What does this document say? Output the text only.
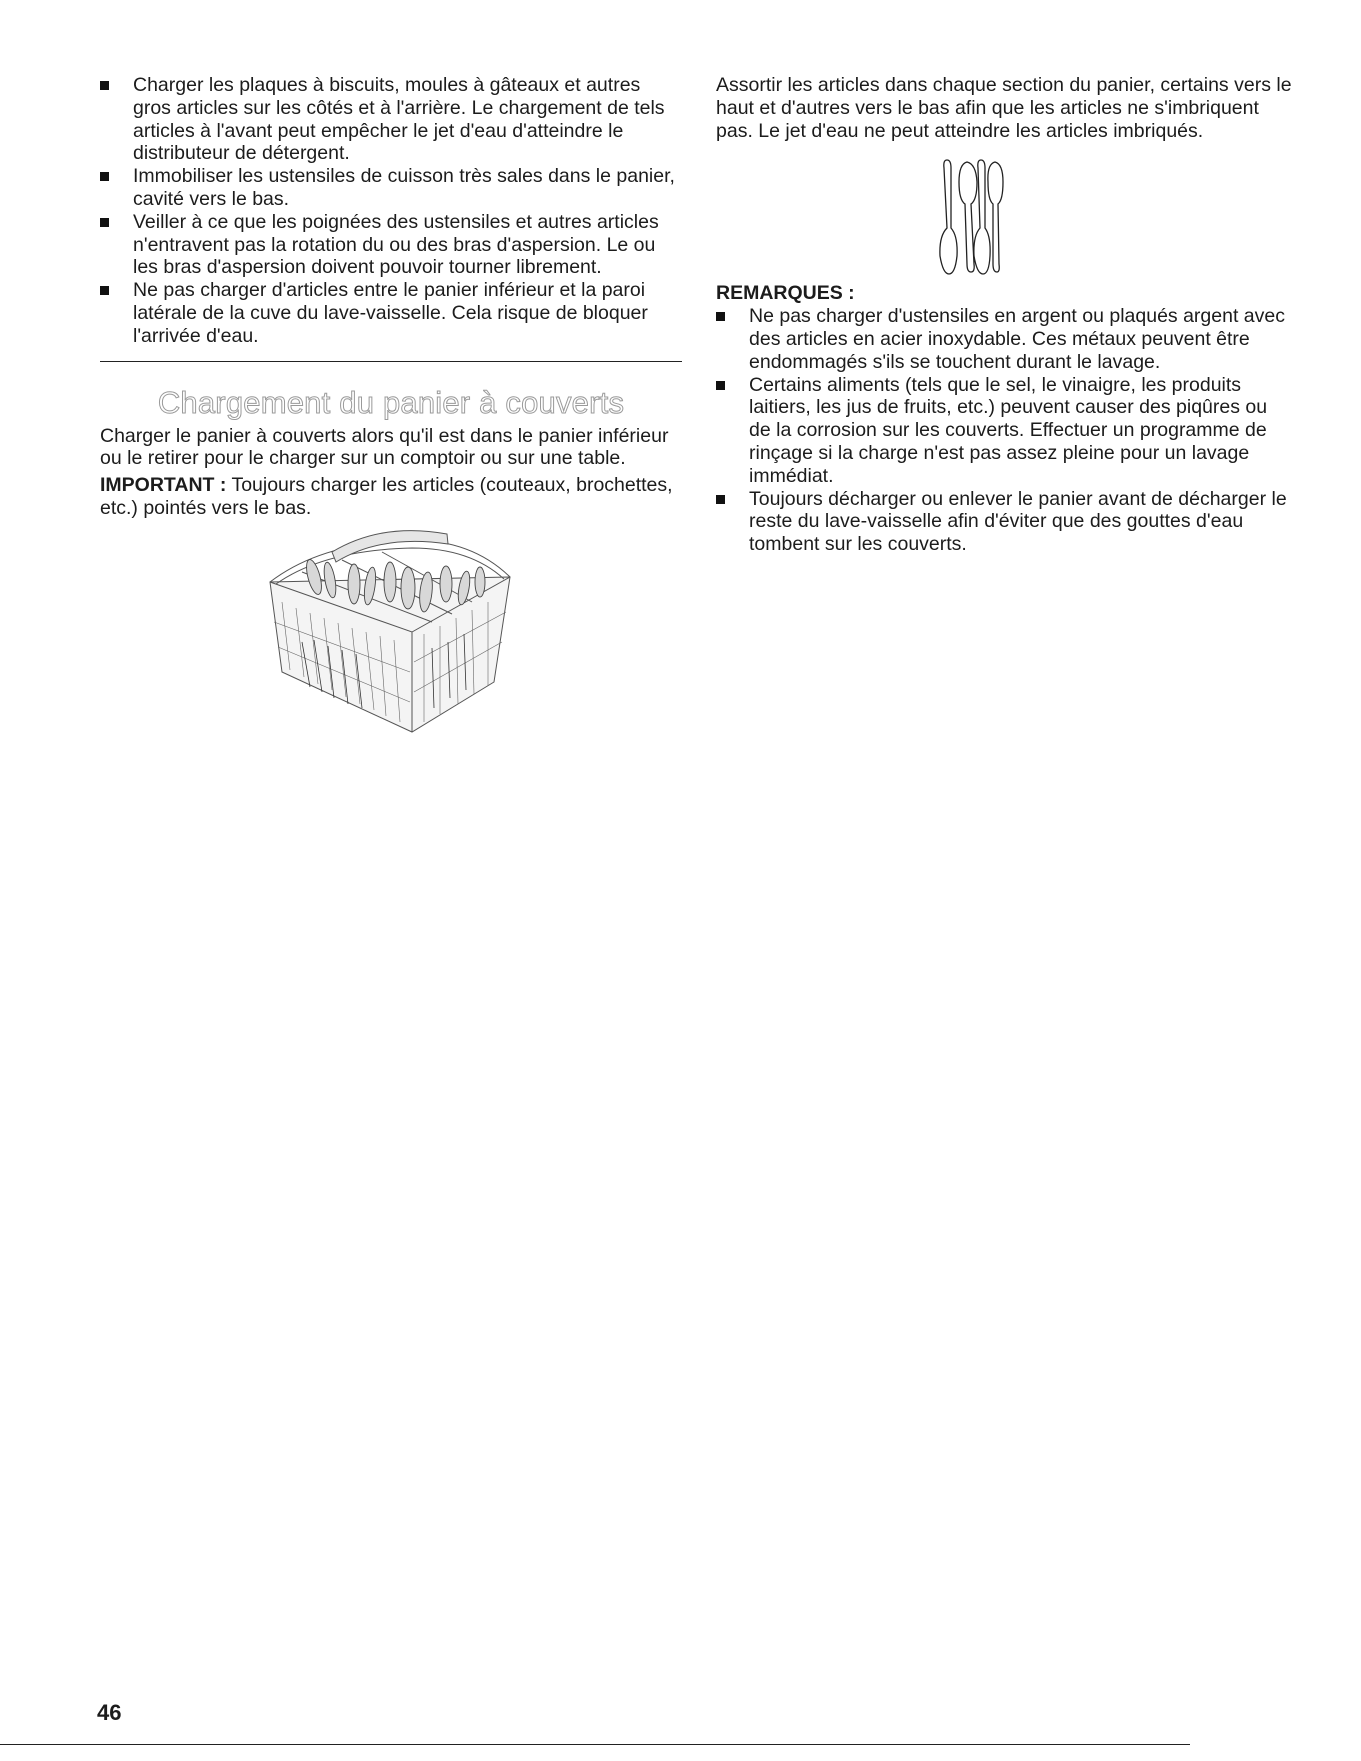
Charger les plaques à biscuits, moules à gâteaux et autres gros articles sur les côtés et à l'arrière. Le chargement de tels articles à l'avant peut empêcher le jet d'eau d'atteindre le distributeur de détergent.
Immobiliser les ustensiles de cuisson très sales dans le panier, cavité vers le bas.
Veiller à ce que les poignées des ustensiles et autres articles n'entravent pas la rotation du ou des bras d'aspersion. Le ou les bras d'aspersion doivent pouvoir tourner librement.
Ne pas charger d'articles entre le panier inférieur et la paroi latérale de la cuve du lave-vaisselle. Cela risque de bloquer l'arrivée d'eau.
Chargement du panier à couverts

Charger le panier à couverts alors qu'il est dans le panier inférieur ou le retirer pour le charger sur un comptoir ou sur une table.

IMPORTANT : Toujours charger les articles (couteaux, brochettes, etc.) pointés vers le bas.

Assortir les articles dans chaque section du panier, certains vers le haut et d'autres vers le bas afin que les articles ne s'imbriquent pas. Le jet d'eau ne peut atteindre les articles imbriqués.

REMARQUES :

Ne pas charger d'ustensiles en argent ou plaqués argent avec des articles en acier inoxydable. Ces métaux peuvent être endommagés s'ils se touchent durant le lavage.
Certains aliments (tels que le sel, le vinaigre, les produits laitiers, les jus de fruits, etc.) peuvent causer des piqûres ou de la corrosion sur les couverts. Effectuer un programme de rinçage si la charge n'est pas assez pleine pour un lavage immédiat.
Toujours décharger ou enlever le panier avant de décharger le reste du lave-vaisselle afin d'éviter que des gouttes d'eau tombent sur les couverts.
46
